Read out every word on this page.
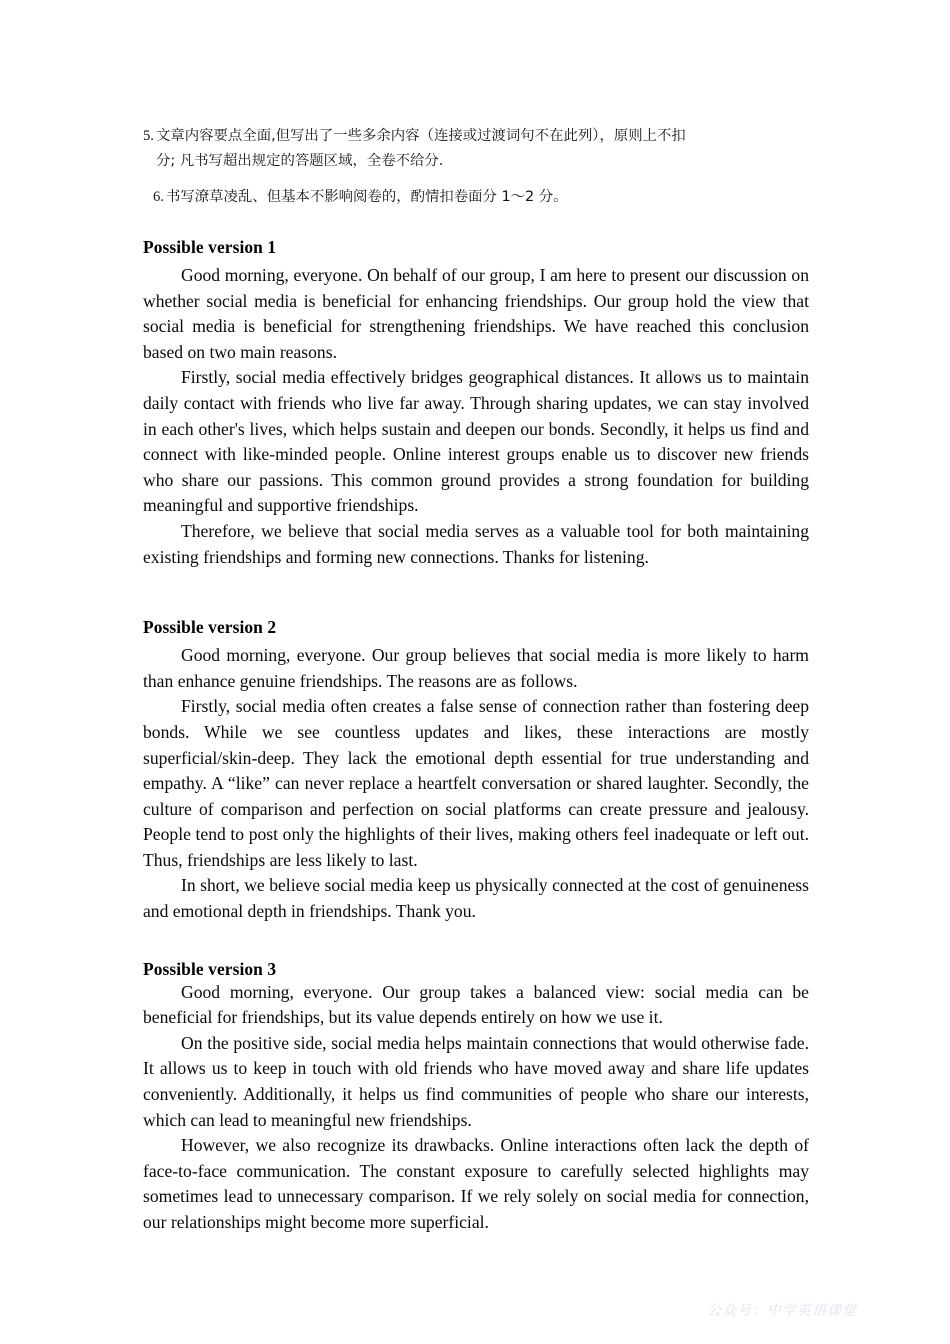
5. 文章内容要点全面,但写出了一些多余内容（连接或过渡词句不在此列），原则上不扣
分; 凡书写超出规定的答题区域，全卷不给分.
6. 书写潦草凌乱、但基本不影响阅卷的，酌情扣卷面分 1～2 分。
Possible version 1

Good morning, everyone. On behalf of our group, I am here to present our discussion on whether social media is beneficial for enhancing friendships. Our group hold the view that social media is beneficial for strengthening friendships. We have reached this conclusion based on two main reasons.

Firstly, social media effectively bridges geographical distances. It allows us to maintain daily contact with friends who live far away. Through sharing updates, we can stay involved in each other's lives, which helps sustain and deepen our bonds. Secondly, it helps us find and connect with like-minded people. Online interest groups enable us to discover new friends who share our passions. This common ground provides a strong foundation for building meaningful and supportive friendships.

Therefore, we believe that social media serves as a valuable tool for both maintaining existing friendships and forming new connections. Thanks for listening.

Possible version 2

Good morning, everyone. Our group believes that social media is more likely to harm than enhance genuine friendships. The reasons are as follows.

Firstly, social media often creates a false sense of connection rather than fostering deep bonds. While we see countless updates and likes, these interactions are mostly superficial/skin-deep. They lack the emotional depth essential for true understanding and empathy. A “like” can never replace a heartfelt conversation or shared laughter. Secondly, the culture of comparison and perfection on social platforms can create pressure and jealousy. People tend to post only the highlights of their lives, making others feel inadequate or left out. Thus, friendships are less likely to last.

In short, we believe social media keep us physically connected at the cost of genuineness and emotional depth in friendships. Thank you.

Possible version 3

Good morning, everyone. Our group takes a balanced view: social media can be beneficial for friendships, but its value depends entirely on how we use it.

On the positive side, social media helps maintain connections that would otherwise fade. It allows us to keep in touch with old friends who have moved away and share life updates conveniently. Additionally, it helps us find communities of people who share our interests, which can lead to meaningful new friendships.

However, we also recognize its drawbacks. Online interactions often lack the depth of face-to-face communication. The constant exposure to carefully selected highlights may sometimes lead to unnecessary comparison. If we rely solely on social media for connection, our relationships might become more superficial.

公众号：中学英语课堂
